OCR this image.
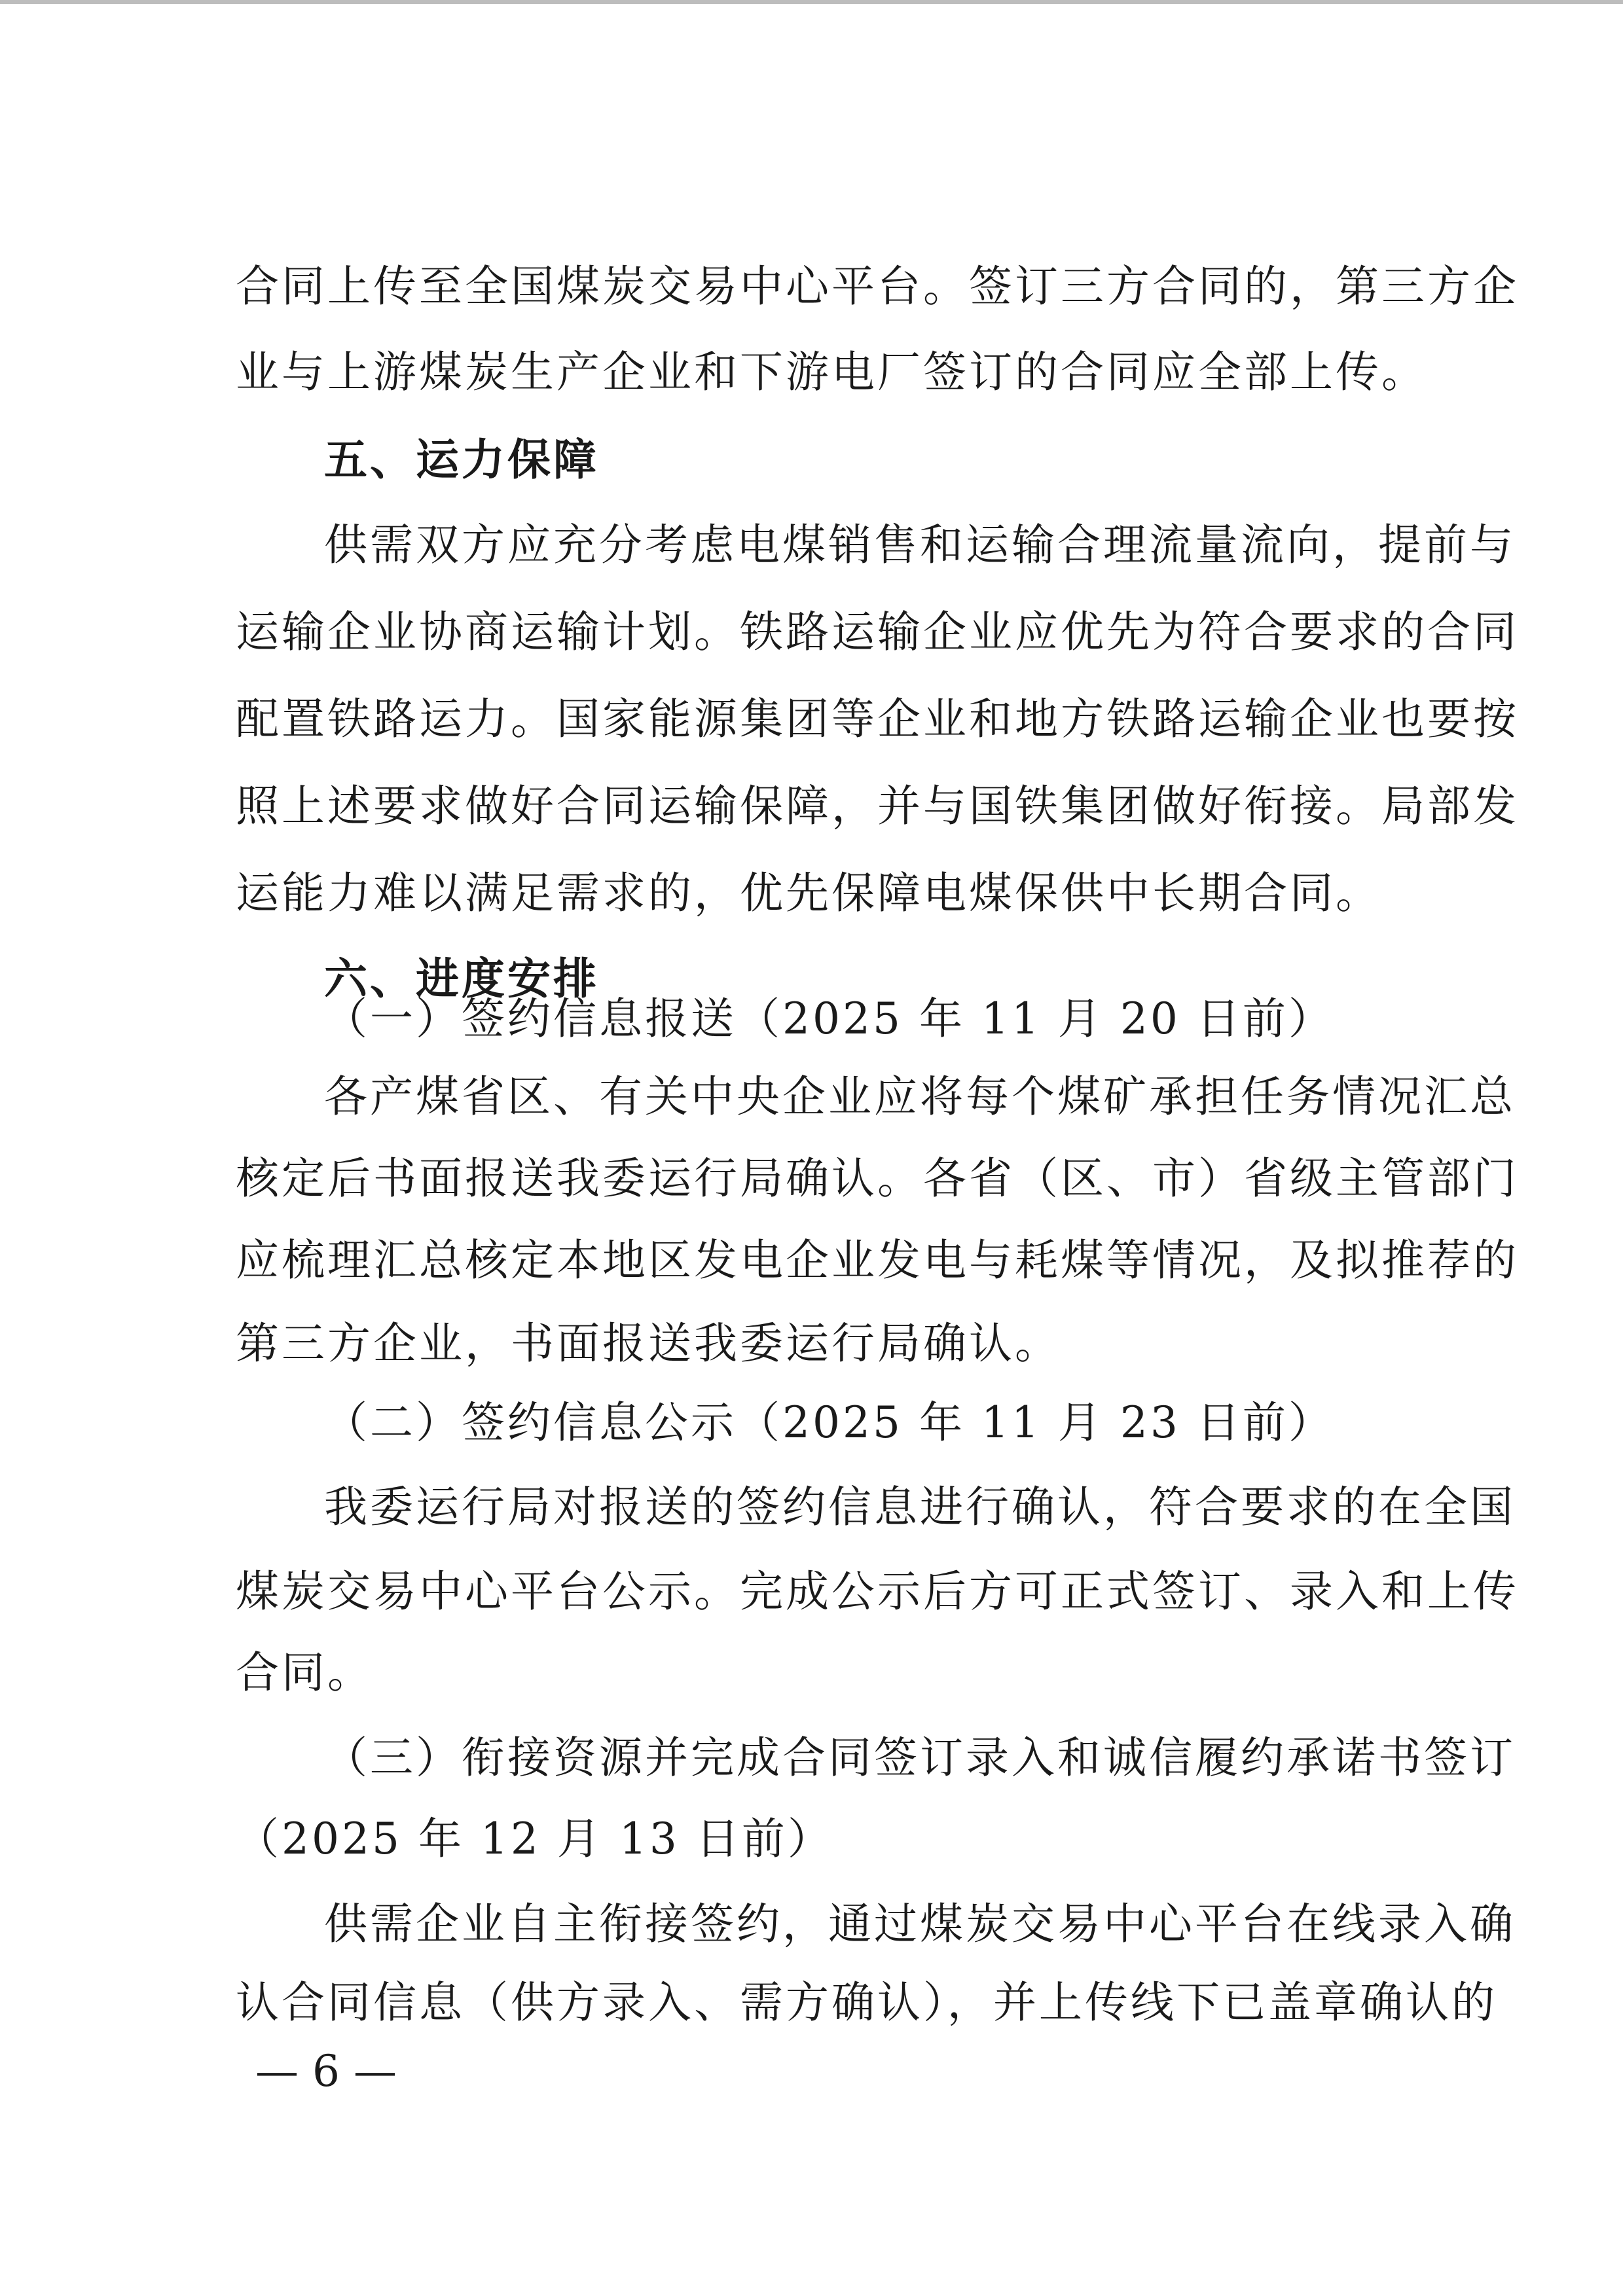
合同上传至全国煤炭交易中心平台。签订三方合同的，第三方企
业与上游煤炭生产企业和下游电厂签订的合同应全部上传。
五、运力保障
供需双方应充分考虑电煤销售和运输合理流量流向，提前与
运输企业协商运输计划。铁路运输企业应优先为符合要求的合同
配置铁路运力。国家能源集团等企业和地方铁路运输企业也要按
照上述要求做好合同运输保障，并与国铁集团做好衔接。局部发
运能力难以满足需求的，优先保障电煤保供中长期合同。
六、进度安排
（一）签约信息报送（2025 年 11 月 20 日前）
各产煤省区、有关中央企业应将每个煤矿承担任务情况汇总
核定后书面报送我委运行局确认。各省（区、市）省级主管部门
应梳理汇总核定本地区发电企业发电与耗煤等情况，及拟推荐的
第三方企业，书面报送我委运行局确认。
（二）签约信息公示（2025 年 11 月 23 日前）
我委运行局对报送的签约信息进行确认，符合要求的在全国
煤炭交易中心平台公示。完成公示后方可正式签订、录入和上传
合同。
（三）衔接资源并完成合同签订录入和诚信履约承诺书签订
（2025 年 12 月 13 日前）
供需企业自主衔接签约，通过煤炭交易中心平台在线录入确
认合同信息（供方录入、需方确认），并上传线下已盖章确认的
— 6 —
